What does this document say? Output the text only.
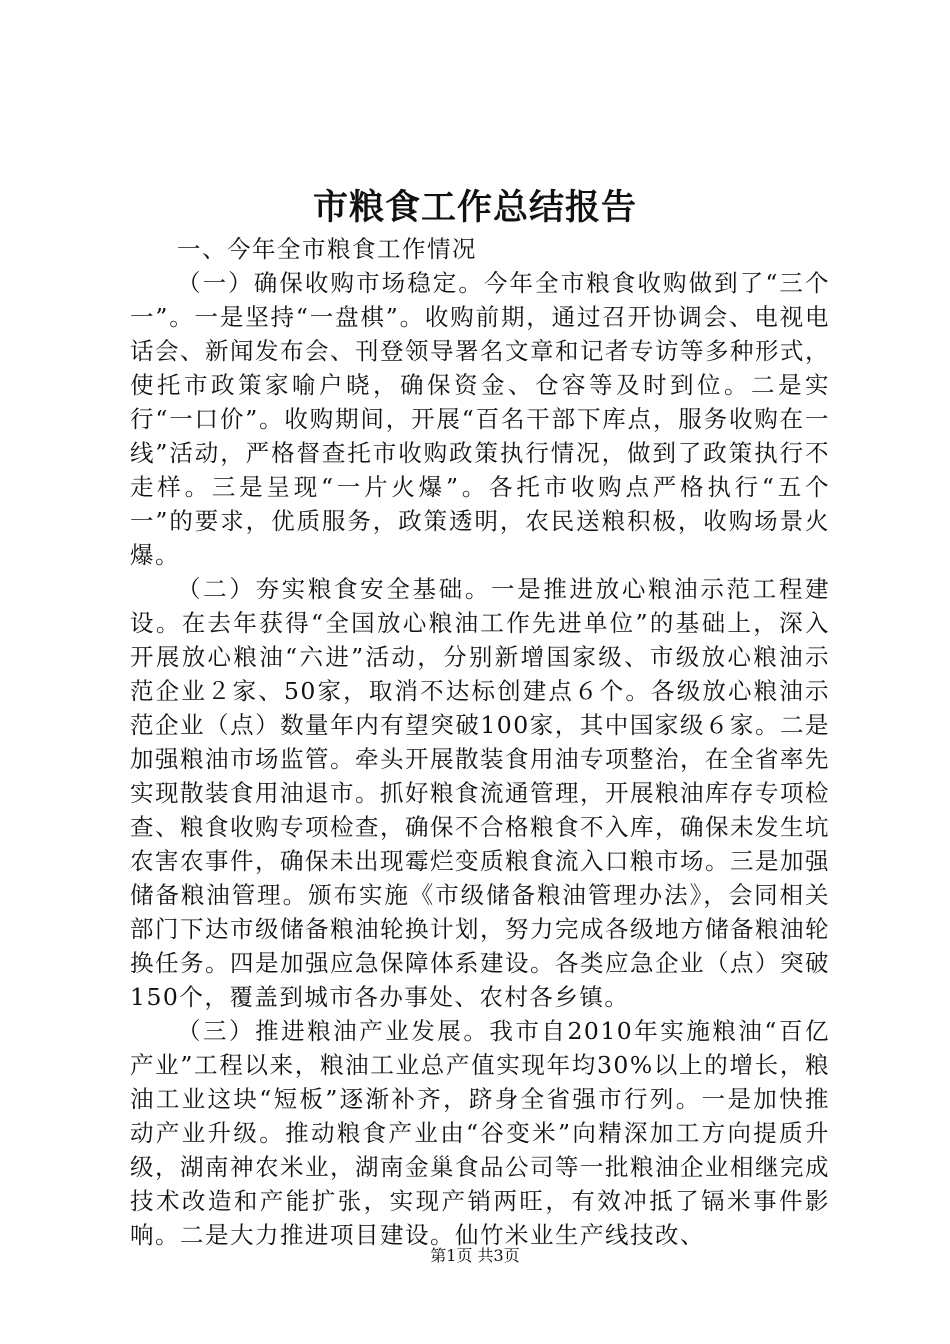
市粮食工作总结报告

一、今年全市粮食工作情况

（一）确保收购市场稳定。今年全市粮食收购做到了“三个一”。一是坚持“一盘棋”。收购前期，通过召开协调会、电视电话会、新闻发布会、刊登领导署名文章和记者专访等多种形式，使托市政策家喻户晓，确保资金、仓容等及时到位。二是实行“一口价”。收购期间，开展“百名干部下库点，服务收购在一线”活动，严格督查托市收购政策执行情况，做到了政策执行不走样。三是呈现“一片火爆”。各托市收购点严格执行“五个一”的要求，优质服务，政策透明，农民送粮积极，收购场景火爆。

（二）夯实粮食安全基础。一是推进放心粮油示范工程建设。在去年获得“全国放心粮油工作先进单位”的基础上，深入开展放心粮油“六进”活动，分别新增国家级、市级放心粮油示范企业２家、50家，取消不达标创建点６个。各级放心粮油示范企业（点）数量年内有望突破100家，其中国家级６家。二是加强粮油市场监管。牵头开展散装食用油专项整治，在全省率先实现散装食用油退市。抓好粮食流通管理，开展粮油库存专项检查、粮食收购专项检查，确保不合格粮食不入库，确保未发生坑农害农事件，确保未出现霉烂变质粮食流入口粮市场。三是加强储备粮油管理。颁布实施《市级储备粮油管理办法》，会同相关部门下达市级储备粮油轮换计划，努力完成各级地方储备粮油轮换任务。四是加强应急保障体系建设。各类应急企业（点）突破150个，覆盖到城市各办事处、农村各乡镇。

（三）推进粮油产业发展。我市自2010年实施粮油“百亿产业”工程以来，粮油工业总产值实现年均30%以上的增长，粮油工业这块“短板”逐渐补齐，跻身全省强市行列。一是加快推动产业升级。推动粮食产业由“谷变米”向精深加工方向提质升级，湖南神农米业，湖南金巢食品公司等一批粮油企业相继完成技术改造和产能扩张，实现产销两旺，有效冲抵了镉米事件影响。二是大力推进项目建设。仙竹米业生产线技改、

第1页 共3页
